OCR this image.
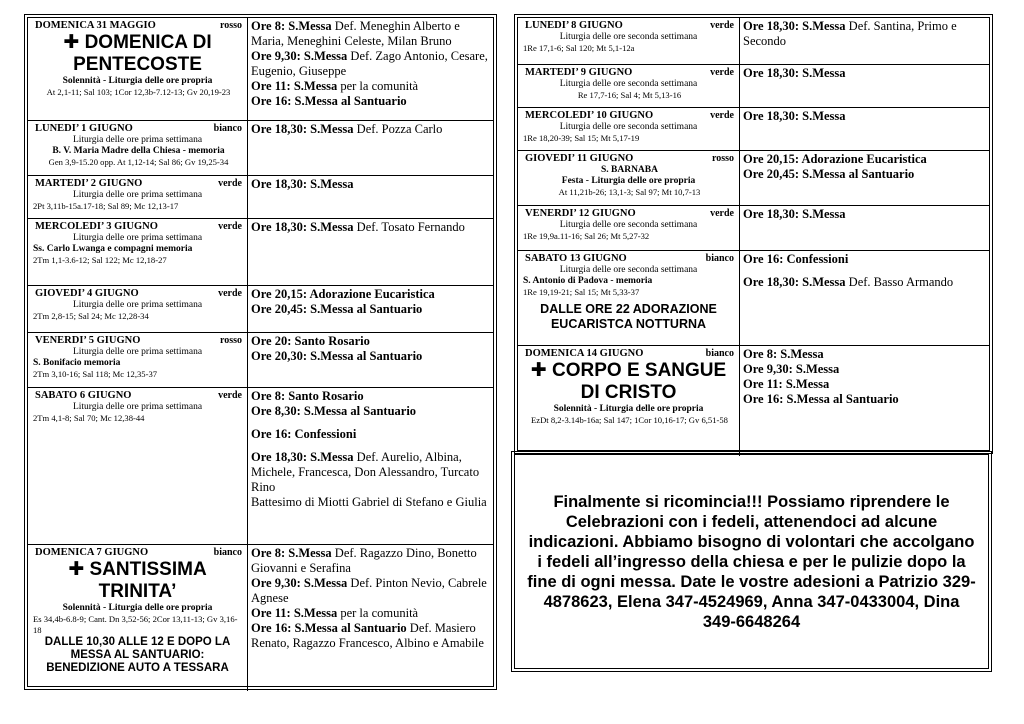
DOMENICA 31 MAGGIO	rosso
✚ DOMENICA DI PENTECOSTE
Solennità - Liturgia delle ore propria
At 2,1-11; Sal 103; 1Cor 12,3b-7.12-13; Gv 20,19-23
Ore 8: S.Messa Def. Meneghin Alberto e Maria, Meneghini Celeste, Milan Bruno
Ore 9,30: S.Messa Def. Zago Antonio, Cesare, Eugenio, Giuseppe
Ore 11: S.Messa per la comunità
Ore 16: S.Messa al Santuario
LUNEDI’ 1 GIUGNO	bianco
Liturgia delle ore prima settimana
B. V. Maria Madre della Chiesa - memoria
Gen 3,9-15.20 opp. At 1,12-14; Sal 86; Gv 19,25-34
Ore 18,30: S.Messa Def. Pozza Carlo
MARTEDI’ 2 GIUGNO	verde
Liturgia delle ore prima settimana
2Pt 3,11b-15a.17-18; Sal 89; Mc 12,13-17
Ore 18,30: S.Messa
MERCOLEDI’ 3 GIUGNO	verde
Liturgia delle ore prima settimana
Ss. Carlo Lwanga e compagni memoria
2Tm 1,1-3.6-12; Sal 122; Mc 12,18-27
Ore 18,30: S.Messa Def. Tosato Fernando
GIOVEDI’ 4 GIUGNO	verde
Liturgia delle ore prima settimana
2Tm 2,8-15; Sal 24; Mc 12,28-34
Ore 20,15: Adorazione Eucaristica
Ore 20,45: S.Messa al Santuario
VENERDI’ 5 GIUGNO	rosso
Liturgia delle ore prima settimana
S. Bonifacio memoria
2Tm 3,10-16; Sal 118; Mc 12,35-37
Ore 20: Santo Rosario
Ore 20,30: S.Messa al Santuario
SABATO 6 GIUGNO	verde
Liturgia delle ore prima settimana
2Tm 4,1-8; Sal 70; Mc 12,38-44
Ore 8: Santo Rosario
Ore 8,30: S.Messa al Santuario
Ore 16: Confessioni
Ore 18,30: S.Messa Def. Aurelio, Albina, Michele, Francesca, Don Alessandro, Turcato Rino
Battesimo di Miotti Gabriel di Stefano e Giulia
DOMENICA 7 GIUGNO	bianco
✚ SANTISSIMA TRINITA’
Solennità - Liturgia delle ore propria
Es 34,4b-6.8-9; Cant. Dn 3,52-56; 2Cor 13,11-13; Gv 3,16-18
DALLE 10,30 ALLE 12 E DOPO LA MESSA AL SANTUARIO: BENEDIZIONE AUTO A TESSARA
Ore 8: S.Messa Def. Ragazzo Dino, Bonetto Giovanni e Serafina
Ore 9,30: S.Messa Def. Pinton Nevio, Cabrele Agnese
Ore 11: S.Messa per la comunità
Ore 16: S.Messa al Santuario Def. Masiero Renato, Ragazzo Francesco, Albino e Amabile
LUNEDI’ 8 GIUGNO	verde
Liturgia delle ore seconda settimana
1Re 17,1-6; Sal 120; Mt 5,1-12a
Ore 18,30: S.Messa Def. Santina, Primo e Secondo
MARTEDI’ 9 GIUGNO	verde
Liturgia delle ore seconda settimana
Re 17,7-16; Sal 4; Mt 5,13-16
Ore 18,30: S.Messa
MERCOLEDI’ 10 GIUGNO	verde
Liturgia delle ore seconda settimana
1Re 18,20-39; Sal 15; Mt 5,17-19
Ore 18,30: S.Messa
GIOVEDI’ 11 GIUGNO	rosso
S. BARNABA
Festa - Liturgia delle ore propria
At 11,21b-26; 13,1-3; Sal 97; Mt 10,7-13
Ore 20,15: Adorazione Eucaristica
Ore 20,45: S.Messa al Santuario
VENERDI’ 12 GIUGNO	verde
Liturgia delle ore seconda settimana
1Re 19,9a.11-16; Sal 26; Mt 5,27-32
Ore 18,30: S.Messa
SABATO 13 GIUGNO	bianco
Liturgia delle ore seconda settimana
S. Antonio di Padova - memoria
1Re 19,19-21; Sal 15; Mt 5,33-37
DALLE ORE 22 ADORAZIONE EUCARISTCA NOTTURNA
Ore 16: Confessioni
Ore 18,30: S.Messa Def. Basso Armando
DOMENICA 14 GIUGNO	bianco
✚ CORPO E SANGUE DI CRISTO
Solennità - Liturgia delle ore propria
EzDt 8,2-3.14b-16a; Sal 147; 1Cor 10,16-17; Gv 6,51-58
Ore 8: S.Messa
Ore 9,30: S.Messa
Ore 11: S.Messa
Ore 16: S.Messa al Santuario
Finalmente si ricomincia!!! Possiamo riprendere le Celebrazioni con i fedeli, attenendoci ad alcune indicazioni. Abbiamo bisogno di volontari che accolgano i fedeli all’ingresso della chiesa e per le pulizie dopo la fine di ogni messa. Date le vostre adesioni a Patrizio 329-4878623, Elena 347-4524969, Anna 347-0433004, Dina 349-6648264
